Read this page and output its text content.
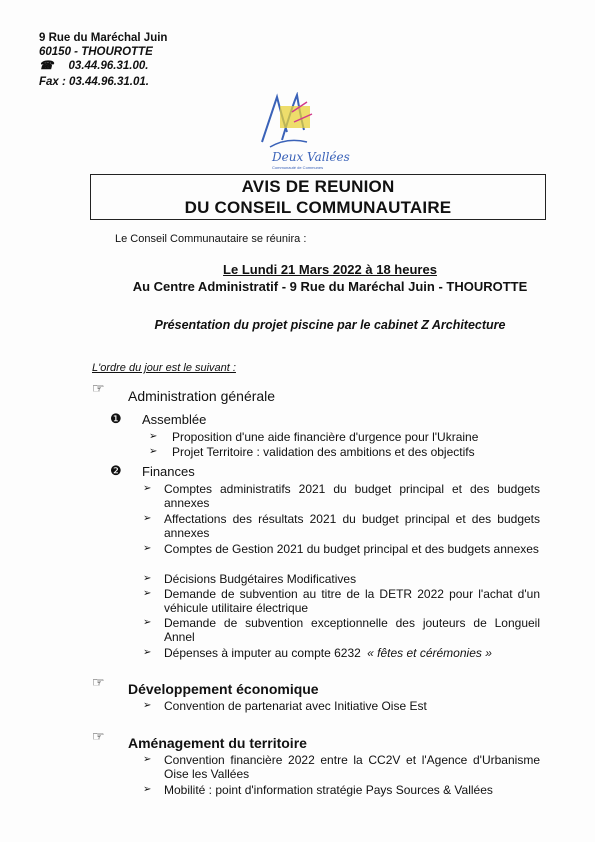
9 Rue du Maréchal Juin
60150 - THOUROTTE
☎ 03.44.96.31.00.
Fax : 03.44.96.31.01.
Deux Vallées
Communauté de Communes
AVIS DE REUNION
DU CONSEIL COMMUNAUTAIRE
Le Conseil Communautaire se réunira :
Le Lundi 21 Mars 2022 à 18 heures
Au Centre Administratif - 9 Rue du Maréchal Juin - THOUROTTE
Présentation du projet piscine par le cabinet Z Architecture
L'ordre du jour est le suivant :
☞ Administration générale
❶ Assemblée
➢ Proposition d'une aide financière d'urgence pour l'Ukraine
➢ Projet Territoire : validation des ambitions et des objectifs
❷ Finances
➢ Comptes administratifs 2021 du budget principal et des budgets annexes
➢ Affectations des résultats 2021 du budget principal et des budgets annexes
➢ Comptes de Gestion 2021 du budget principal et des budgets annexes
➢ Décisions Budgétaires Modificatives
➢ Demande de subvention au titre de la DETR 2022 pour l'achat d'un véhicule utilitaire électrique
➢ Demande de subvention exceptionnelle des jouteurs de Longueil Annel
➢ Dépenses à imputer au compte 6232 « fêtes et cérémonies »
☞ Développement économique
➢ Convention de partenariat avec Initiative Oise Est
☞ Aménagement du territoire
➢ Convention financière 2022 entre la CC2V et l'Agence d'Urbanisme Oise les Vallées
➢ Mobilité : point d'information stratégie Pays Sources & Vallées
